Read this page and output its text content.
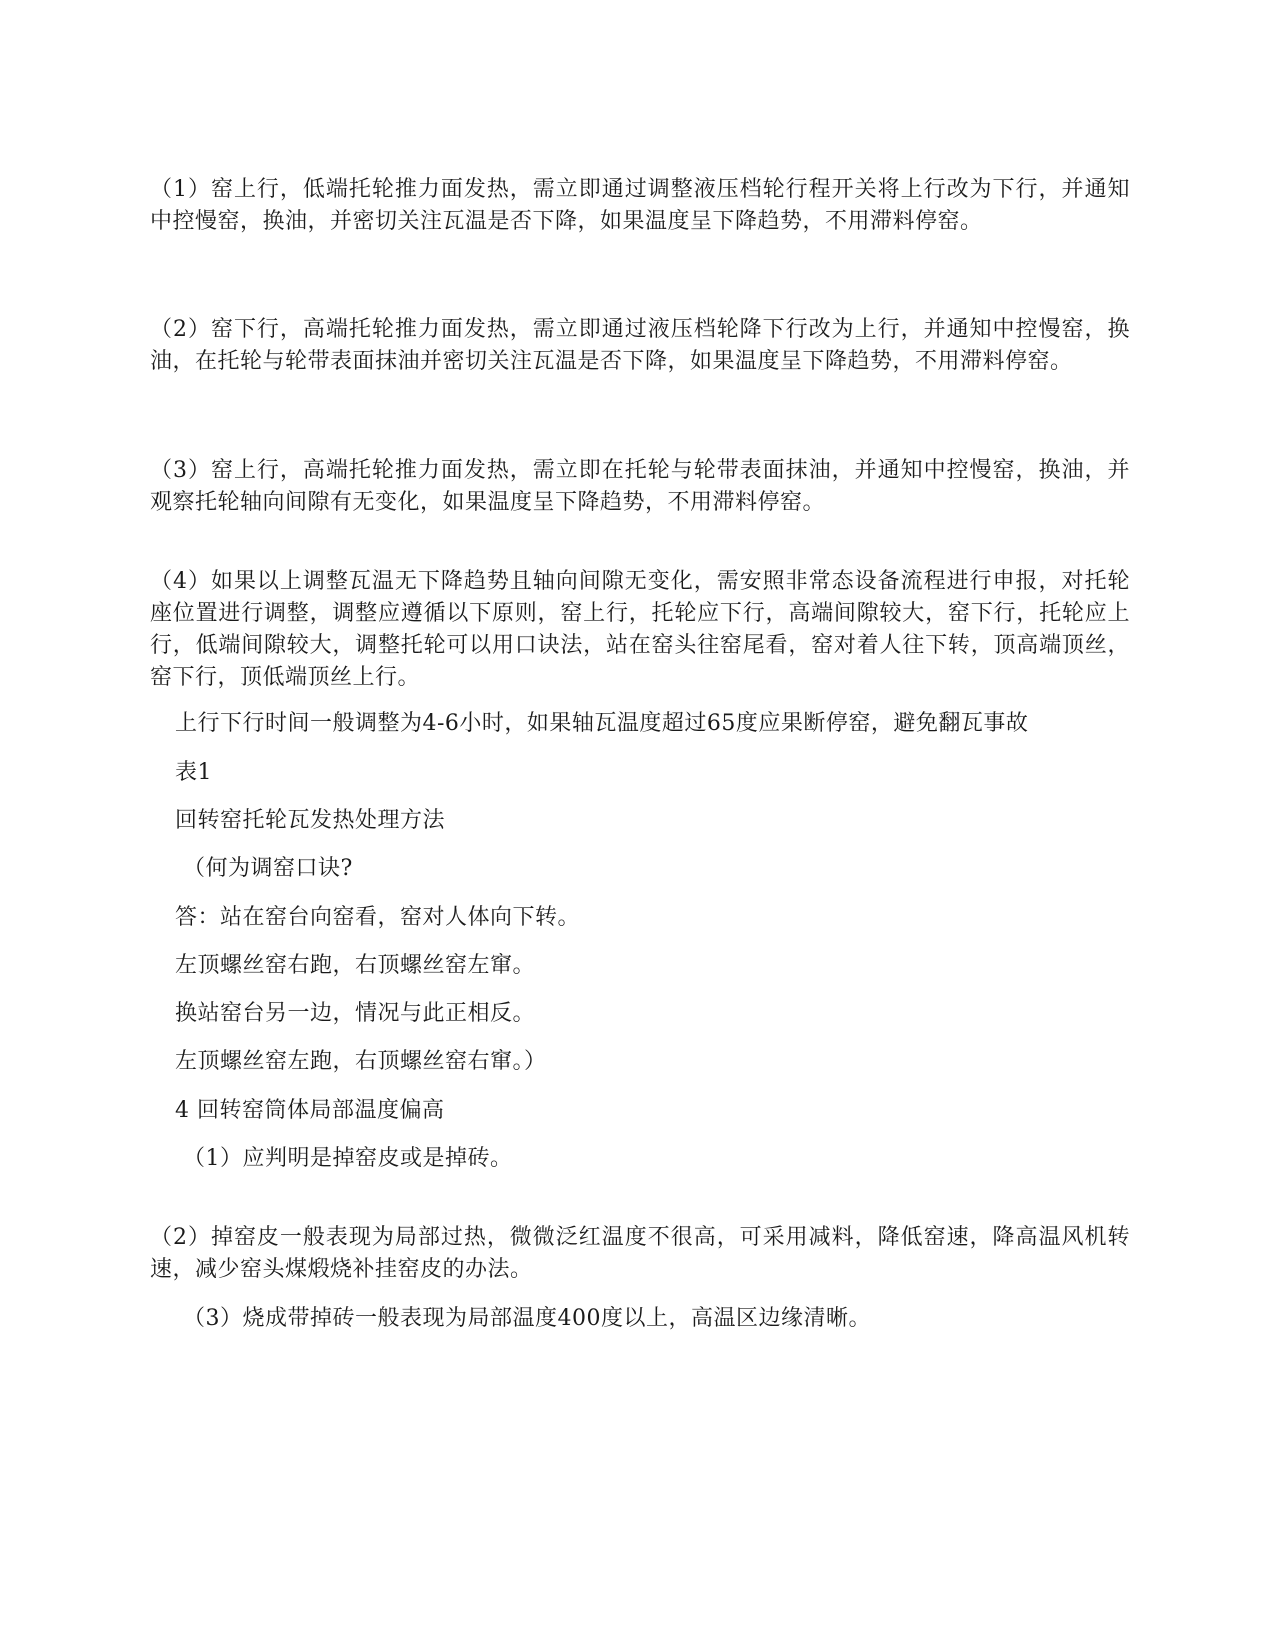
（1）窑上行，低端托轮推力面发热，需立即通过调整液压档轮行程开关将上行改为下行，并通知中控慢窑，换油，并密切关注瓦温是否下降，如果温度呈下降趋势，不用滞料停窑。

（2）窑下行，高端托轮推力面发热，需立即通过液压档轮降下行改为上行，并通知中控慢窑，换油，在托轮与轮带表面抹油并密切关注瓦温是否下降，如果温度呈下降趋势，不用滞料停窑。

（3）窑上行，高端托轮推力面发热，需立即在托轮与轮带表面抹油，并通知中控慢窑，换油，并观察托轮轴向间隙有无变化，如果温度呈下降趋势，不用滞料停窑。

（4）如果以上调整瓦温无下降趋势且轴向间隙无变化，需安照非常态设备流程进行申报，对托轮座位置进行调整，调整应遵循以下原则，窑上行，托轮应下行，高端间隙较大，窑下行，托轮应上行，低端间隙较大，调整托轮可以用口诀法，站在窑头往窑尾看，窑对着人往下转，顶高端顶丝，窑下行，顶低端顶丝上行。

上行下行时间一般调整为4-6小时，如果轴瓦温度超过65度应果断停窑，避免翻瓦事故

表1

回转窑托轮瓦发热处理方法

（何为调窑口诀?

答：站在窑台向窑看，窑对人体向下转。

左顶螺丝窑右跑，右顶螺丝窑左窜。

换站窑台另一边，情况与此正相反。

左顶螺丝窑左跑，右顶螺丝窑右窜。）

4 回转窑筒体局部温度偏高

（1）应判明是掉窑皮或是掉砖。

（2）掉窑皮一般表现为局部过热，微微泛红温度不很高，可采用减料，降低窑速，降高温风机转速，减少窑头煤煅烧补挂窑皮的办法。

（3）烧成带掉砖一般表现为局部温度400度以上，高温区边缘清晰。
